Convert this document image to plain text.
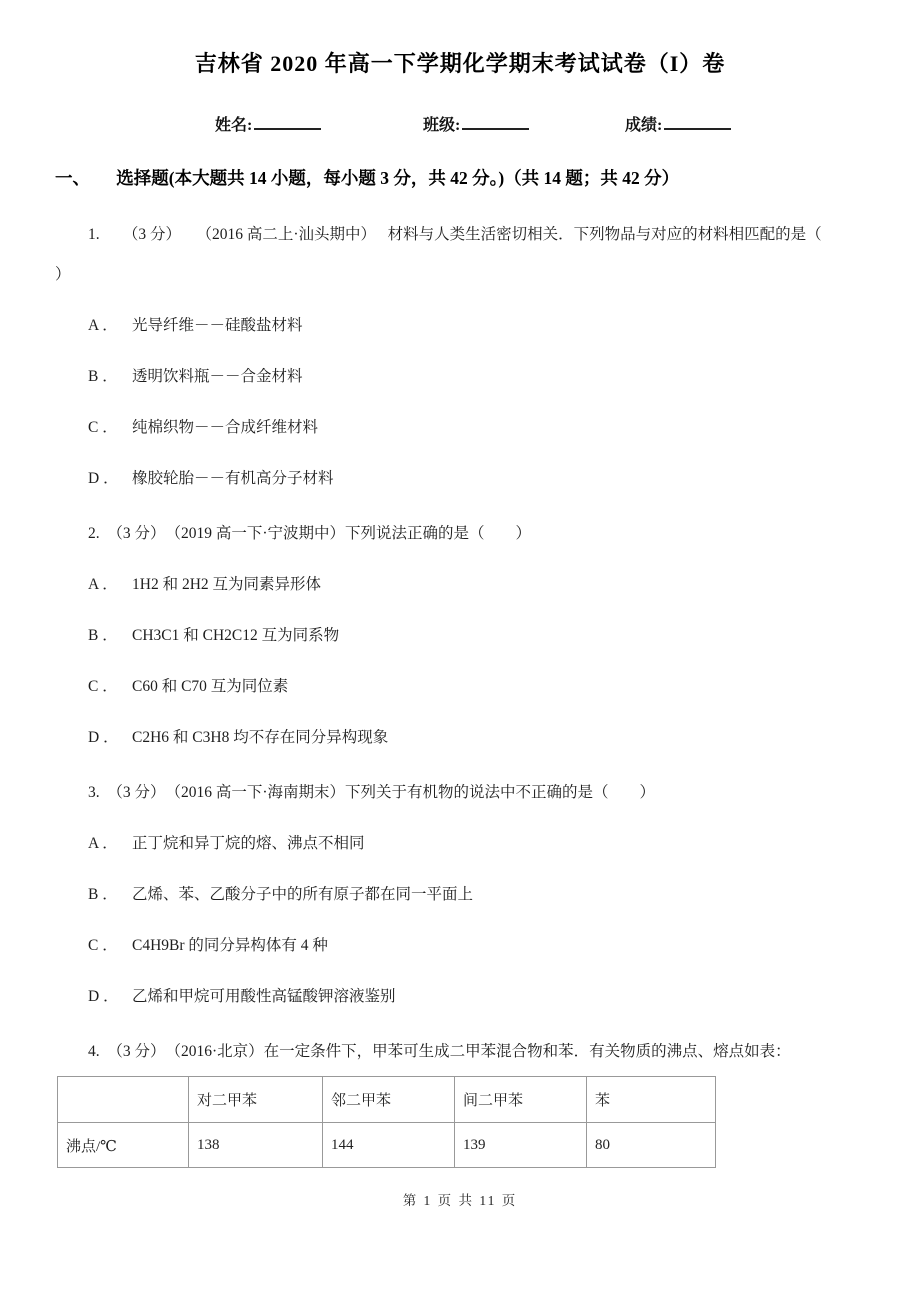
吉林省 2020 年高一下学期化学期末考试试卷（I）卷
姓名:	班级:	成绩:
一、　　选择题(本大题共 14 小题，每小题 3 分，共 42 分。)（共 14 题；共 42 分）
1.　　（3 分）　　（2016 高二上·汕头期中）　 材料与人类生活密切相关．下列物品与对应的材料相匹配的是（
）
A ． 光导纤维－－硅酸盐材料
B ． 透明饮料瓶－－合金材料
C ． 纯棉织物－－合成纤维材料
D ． 橡胶轮胎－－有机高分子材料
2.　（3 分）　（2019 高一下·宁波期中）下列说法正确的是（　　）
A ． 1H2 和 2H2 互为同素异形体
B ． CH3C1 和 CH2C12 互为同系物
C ． C60 和 C70 互为同位素
D ． C2H6 和 C3H8 均不存在同分异构现象
3.　（3 分）　（2016 高一下·海南期末）下列关于有机物的说法中不正确的是（　　）
A ． 正丁烷和异丁烷的熔、沸点不相同
B ． 乙烯、苯、乙酸分子中的所有原子都在同一平面上
C ． C4H9Br 的同分异构体有 4 种
D ． 乙烯和甲烷可用酸性高锰酸钾溶液鉴别
4.　（3 分）　（2016·北京）在一定条件下，甲苯可生成二甲苯混合物和苯．有关物质的沸点、熔点如表：
	对二甲苯	邻二甲苯	间二甲苯	苯
沸点/℃	138	144	139	80
第 1 页 共 11 页
